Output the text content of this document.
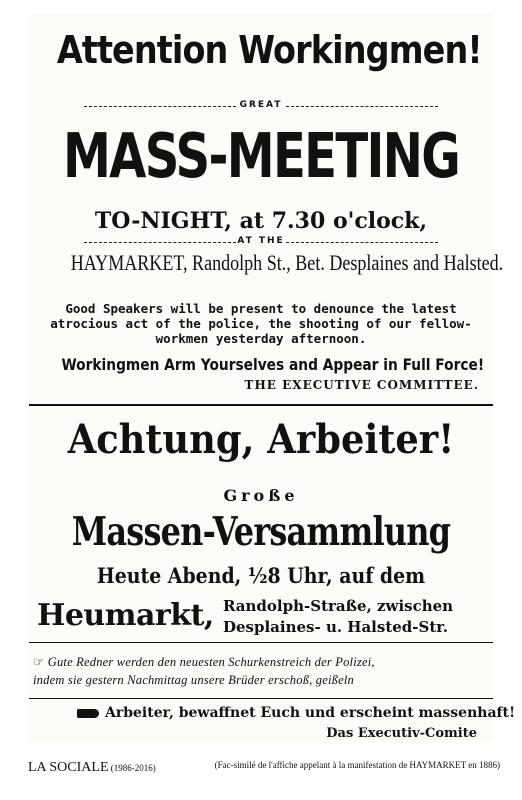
Attention Workingmen!
GREAT
MASS-MEETING
TO-NIGHT, at 7.30 o'clock,
AT THE
HAYMARKET, Randolph St., Bet. Desplaines and Halsted.
Good Speakers will be present to denounce the latest atrocious act of the police, the shooting of our fellow-workmen yesterday afternoon.
Workingmen Arm Yourselves and Appear in Full Force!
THE EXECUTIVE COMMITTEE.
Achtung, Arbeiter!
Große
Massen-Versammlung
Heute Abend, ½8 Uhr, auf dem
Heumarkt, Randolph-Straße, zwischen
Desplaines- u. Halsted-Str.
☞ Gute Redner werden den neuesten Schurkenstreich der Polizei,
indem sie gestern Nachmittag unsere Brüder erschoß, geißeln
Arbeiter, bewaffnet Euch und erscheint massenhaft!
Das Executiv-Comite
LA SOCIALE (1986-2016)	(Fac-similé de l'affiche appelant à la manifestation de HAYMARKET en 1886)
